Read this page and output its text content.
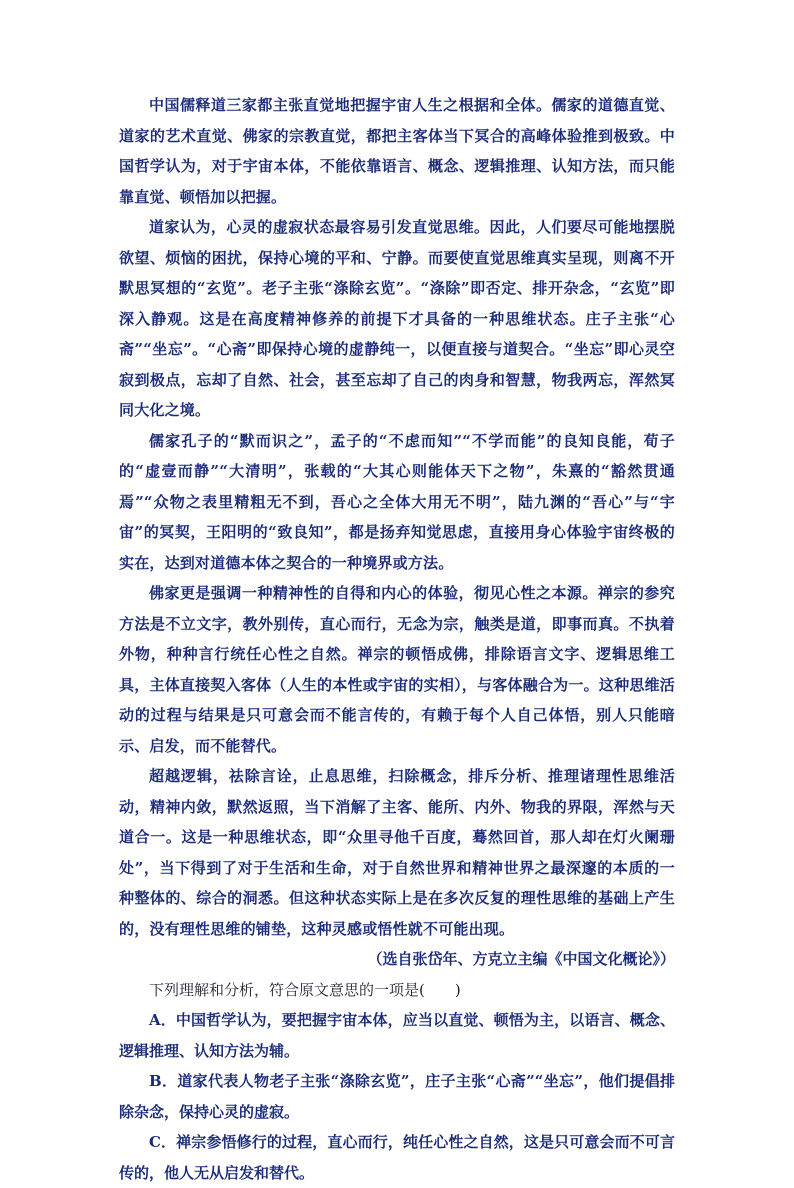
中国儒释道三家都主张直觉地把握宇宙人生之根据和全体。儒家的道德直觉、道家的艺术直觉、佛家的宗教直觉，都把主客体当下冥合的高峰体验推到极致。中国哲学认为，对于宇宙本体，不能依靠语言、概念、逻辑推理、认知方法，而只能靠直觉、顿悟加以把握。

道家认为，心灵的虚寂状态最容易引发直觉思维。因此，人们要尽可能地摆脱欲望、烦恼的困扰，保持心境的平和、宁静。而要使直觉思维真实呈现，则离不开默思冥想的“玄览”。老子主张“涤除玄览”。“涤除”即否定、排开杂念，“玄览”即深入静观。这是在高度精神修养的前提下才具备的一种思维状态。庄子主张“心斋”“坐忘”。“心斋”即保持心境的虚静纯一，以便直接与道契合。“坐忘”即心灵空寂到极点，忘却了自然、社会，甚至忘却了自己的肉身和智慧，物我两忘，浑然冥同大化之境。

儒家孔子的“默而识之”，孟子的“不虑而知”“不学而能”的良知良能，荀子的“虚壹而静”“大清明”，张载的“大其心则能体天下之物”，朱熹的“豁然贯通焉”“众物之表里精粗无不到，吾心之全体大用无不明”，陆九渊的“吾心”与“宇宙”的冥契，王阳明的“致良知”，都是扬弃知觉思虑，直接用身心体验宇宙终极的实在，达到对道德本体之契合的一种境界或方法。

佛家更是强调一种精神性的自得和内心的体验，彻见心性之本源。禅宗的参究方法是不立文字，教外别传，直心而行，无念为宗，触类是道，即事而真。不执着外物，种种言行统任心性之自然。禅宗的顿悟成佛，排除语言文字、逻辑思维工具，主体直接契入客体（人生的本性或宇宙的实相），与客体融合为一。这种思维活动的过程与结果是只可意会而不能言传的，有赖于每个人自己体悟，别人只能暗示、启发，而不能替代。

超越逻辑，祛除言诠，止息思维，扫除概念，排斥分析、推理诸理性思维活动，精神内敛，默然返照，当下消解了主客、能所、内外、物我的界限，浑然与天道合一。这是一种思维状态，即“众里寻他千百度，蓦然回首，那人却在灯火阑珊处”，当下得到了对于生活和生命，对于自然世界和精神世界之最深邃的本质的一种整体的、综合的洞悉。但这种状态实际上是在多次反复的理性思维的基础上产生的，没有理性思维的铺垫，这种灵感或悟性就不可能出现。

（选自张岱年、方克立主编《中国文化概论》）

下列理解和分析，符合原文意思的一项是(　　)

A．中国哲学认为，要把握宇宙本体，应当以直觉、顿悟为主，以语言、概念、逻辑推理、认知方法为辅。

B．道家代表人物老子主张“涤除玄览”，庄子主张“心斋”“坐忘”，他们提倡排除杂念，保持心灵的虚寂。

C．禅宗参悟修行的过程，直心而行，纯任心性之自然，这是只可意会而不可言传的，他人无从启发和替代。
